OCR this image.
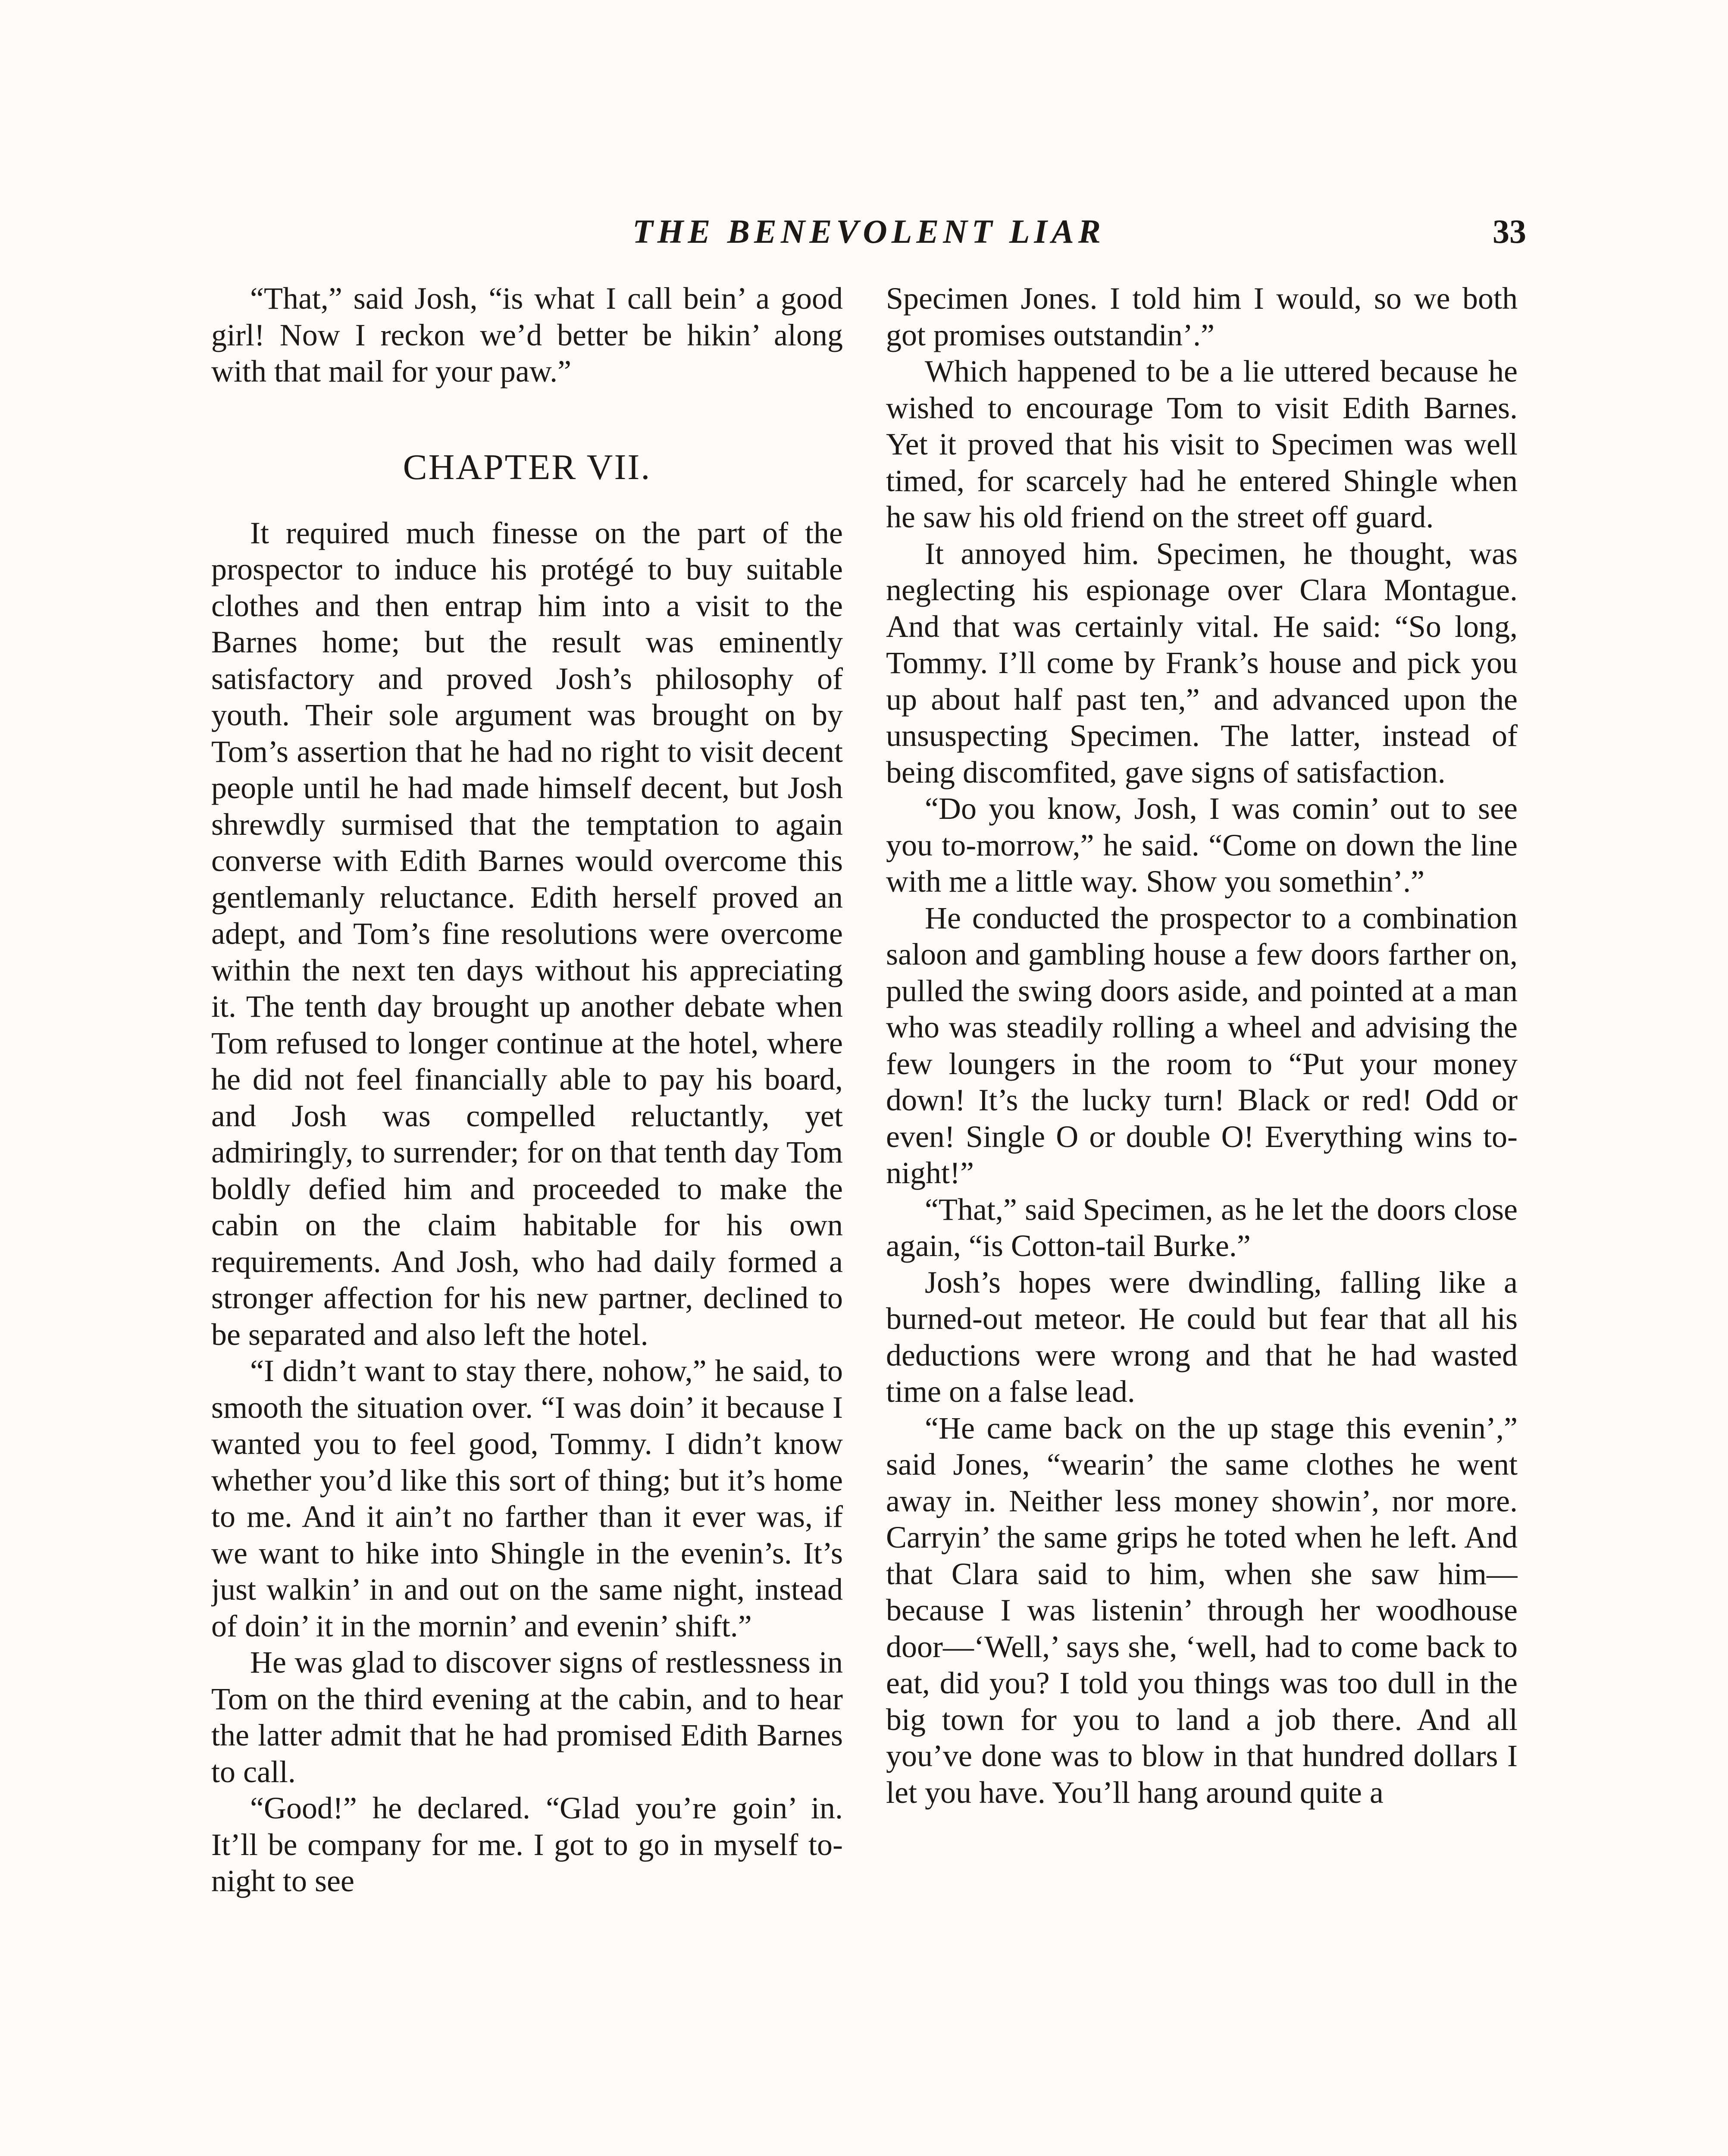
THE BENEVOLENT LIAR	33

“That,” said Josh, “is what I call bein’ a good girl! Now I reckon we’d better be hikin’ along with that mail for your paw.”

CHAPTER VII.

It required much finesse on the part of the prospector to induce his protégé to buy suitable clothes and then entrap him into a visit to the Barnes home; but the result was eminently satisfactory and proved Josh’s philosophy of youth. Their sole argument was brought on by Tom’s assertion that he had no right to visit decent people until he had made himself decent, but Josh shrewdly surmised that the temptation to again converse with Edith Barnes would overcome this gentlemanly reluctance. Edith herself proved an adept, and Tom’s fine resolutions were overcome within the next ten days without his appreciating it. The tenth day brought up another debate when Tom refused to longer continue at the hotel, where he did not feel financially able to pay his board, and Josh was compelled reluctantly, yet admiringly, to surrender; for on that tenth day Tom boldly defied him and proceeded to make the cabin on the claim habitable for his own requirements. And Josh, who had daily formed a stronger affection for his new partner, declined to be separated and also left the hotel.

“I didn’t want to stay there, nohow,” he said, to smooth the situation over. “I was doin’ it because I wanted you to feel good, Tommy. I didn’t know whether you’d like this sort of thing; but it’s home to me. And it ain’t no farther than it ever was, if we want to hike into Shingle in the evenin’s. It’s just walkin’ in and out on the same night, instead of doin’ it in the mornin’ and evenin’ shift.”

He was glad to discover signs of restlessness in Tom on the third evening at the cabin, and to hear the latter admit that he had promised Edith Barnes to call.

“Good!” he declared. “Glad you’re goin’ in. It’ll be company for me. I got to go in myself to-night to see

Specimen Jones. I told him I would, so we both got promises outstandin’.”

Which happened to be a lie uttered because he wished to encourage Tom to visit Edith Barnes. Yet it proved that his visit to Specimen was well timed, for scarcely had he entered Shingle when he saw his old friend on the street off guard.

It annoyed him. Specimen, he thought, was neglecting his espionage over Clara Montague. And that was certainly vital. He said: “So long, Tommy. I’ll come by Frank’s house and pick you up about half past ten,” and advanced upon the unsuspecting Specimen. The latter, instead of being discomfited, gave signs of satisfaction.

“Do you know, Josh, I was comin’ out to see you to-morrow,” he said. “Come on down the line with me a little way. Show you somethin’.”

He conducted the prospector to a combination saloon and gambling house a few doors farther on, pulled the swing doors aside, and pointed at a man who was steadily rolling a wheel and advising the few loungers in the room to “Put your money down! It’s the lucky turn! Black or red! Odd or even! Single O or double O! Everything wins to-night!”

“That,” said Specimen, as he let the doors close again, “is Cotton-tail Burke.”

Josh’s hopes were dwindling, falling like a burned-out meteor. He could but fear that all his deductions were wrong and that he had wasted time on a false lead.

“He came back on the up stage this evenin’,” said Jones, “wearin’ the same clothes he went away in. Neither less money showin’, nor more. Carryin’ the same grips he toted when he left. And that Clara said to him, when she saw him—because I was listenin’ through her woodhouse door—‘Well,’ says she, ‘well, had to come back to eat, did you? I told you things was too dull in the big town for you to land a job there. And all you’ve done was to blow in that hundred dollars I let you have. You’ll hang around quite a
